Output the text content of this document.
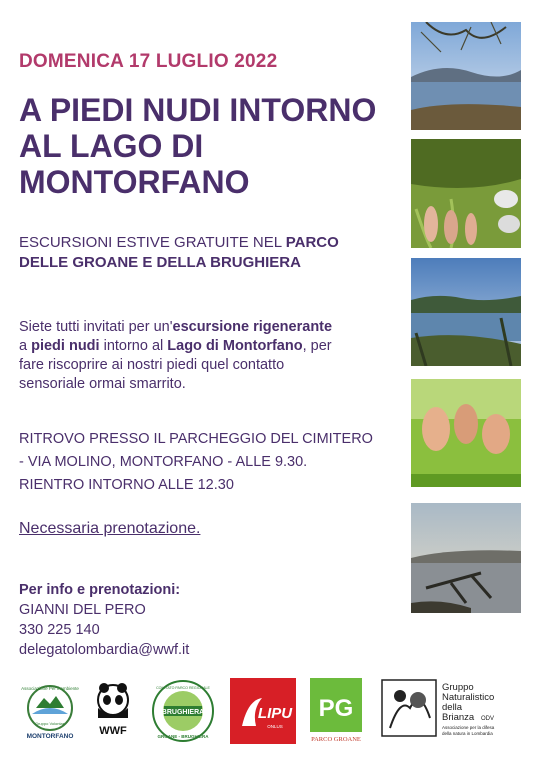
DOMENICA 17 LUGLIO 2022
A PIEDI NUDI INTORNO
AL LAGO DI
MONTORFANO
ESCURSIONI ESTIVE GRATUITE NEL PARCO
DELLE GROANE E DELLA BRUGHIERA
Siete tutti invitati per un'escursione rigenerante
a piedi nudi intorno al Lago di Montorfano, per
fare riscoprire ai nostri piedi quel contatto
sensoriale ormai smarrito.
RITROVO PRESSO IL PARCHEGGIO DEL CIMITERO
- VIA MOLINO, MONTORFANO - ALLE 9.30.
RIENTRO INTORNO ALLE 12.30
Necessaria prenotazione.
Per info e prenotazioni:
GIANNI DEL PERO
330 225 140
delegatolombardia@wwf.it
Associazione Per il ambiente
Gruppo Volontari
MONTORFANO WWF
BRUGHIERA
COMITATO PARCO REGIONALE
GROANE - BRUGHIERA
LIPU
ONLUS
PG
PARCO GROANE
Gruppo
Naturalistico
della
Brianza ODV
Associazione per la difesa
della natura in Lombardia
